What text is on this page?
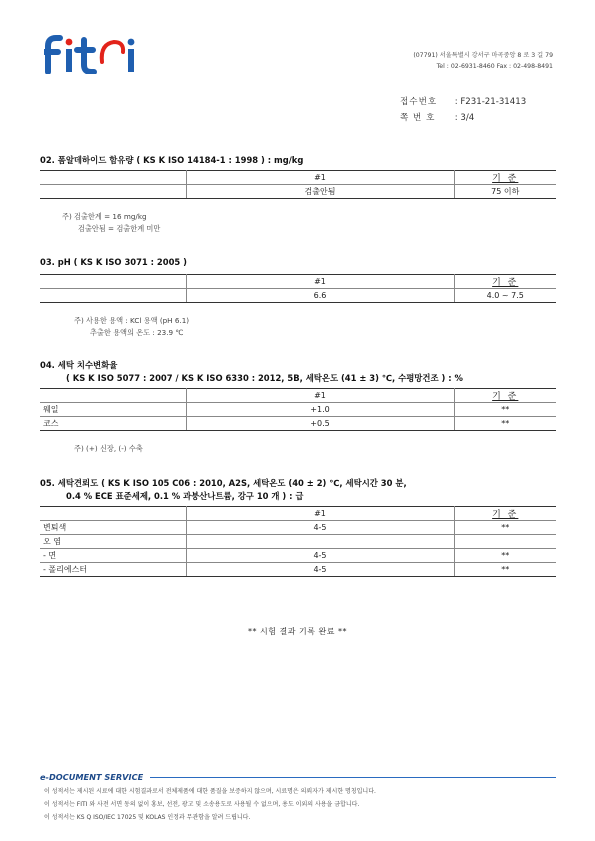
(07791) 서울특별시 강서구 마곡중앙 8 로 3 길 79
Tel : 02-6931-8460 Fax : 02-498-8491
접수번호 : F231-21-31413
쪽 번 호 : 3/4
02. 폼알데하이드 함유량 ( KS K ISO 14184-1 : 1998 ) : mg/kg
	#1	기 준
	검출안됨	75 이하
주) 검출한계 = 16 mg/kg
검출안됨 = 검출한계 미만
03. pH ( KS K ISO 3071 : 2005 )
	#1	기 준
	6.6	4.0 ~ 7.5
주) 사용한 용액 : KCl 용액 (pH 6.1)
추출한 용액의 온도 : 23.9 ℃
04. 세탁 치수변화율
( KS K ISO 5077 : 2007 / KS K ISO 6330 : 2012, 5B, 세탁온도 (41 ± 3) ℃, 수평망건조 ) : %
	#1	기 준
웨일	+1.0	**
코스	+0.5	**
주) (+) 신장, (-) 수축
05. 세탁견뢰도 ( KS K ISO 105 C06 : 2010, A2S, 세탁온도 (40 ± 2) ℃, 세탁시간 30 분,
0.4 % ECE 표준세제, 0.1 % 과붕산나트륨, 강구 10 개 ) : 급
	#1	기 준
변퇴색	4-5	**
오 염		
- 면	4-5	**
- 폴리에스터	4-5	**
** 시험 결과 기록 완료 **
e-DOCUMENT SERVICE
이 성적서는 제시된 시료에 대한 시험결과로서 전체제품에 대한 품질을 보증하지 않으며, 시료명은 의뢰자가 제시한 명칭입니다.
이 성적서는 FITI 와 사전 서면 동의 없이 홍보, 선전, 광고 및 소송용도로 사용될 수 없으며, 용도 이외의 사용을 금합니다.
이 성적서는 KS Q ISO/IEC 17025 및 KOLAS 인정과 무관함을 알려 드립니다.
